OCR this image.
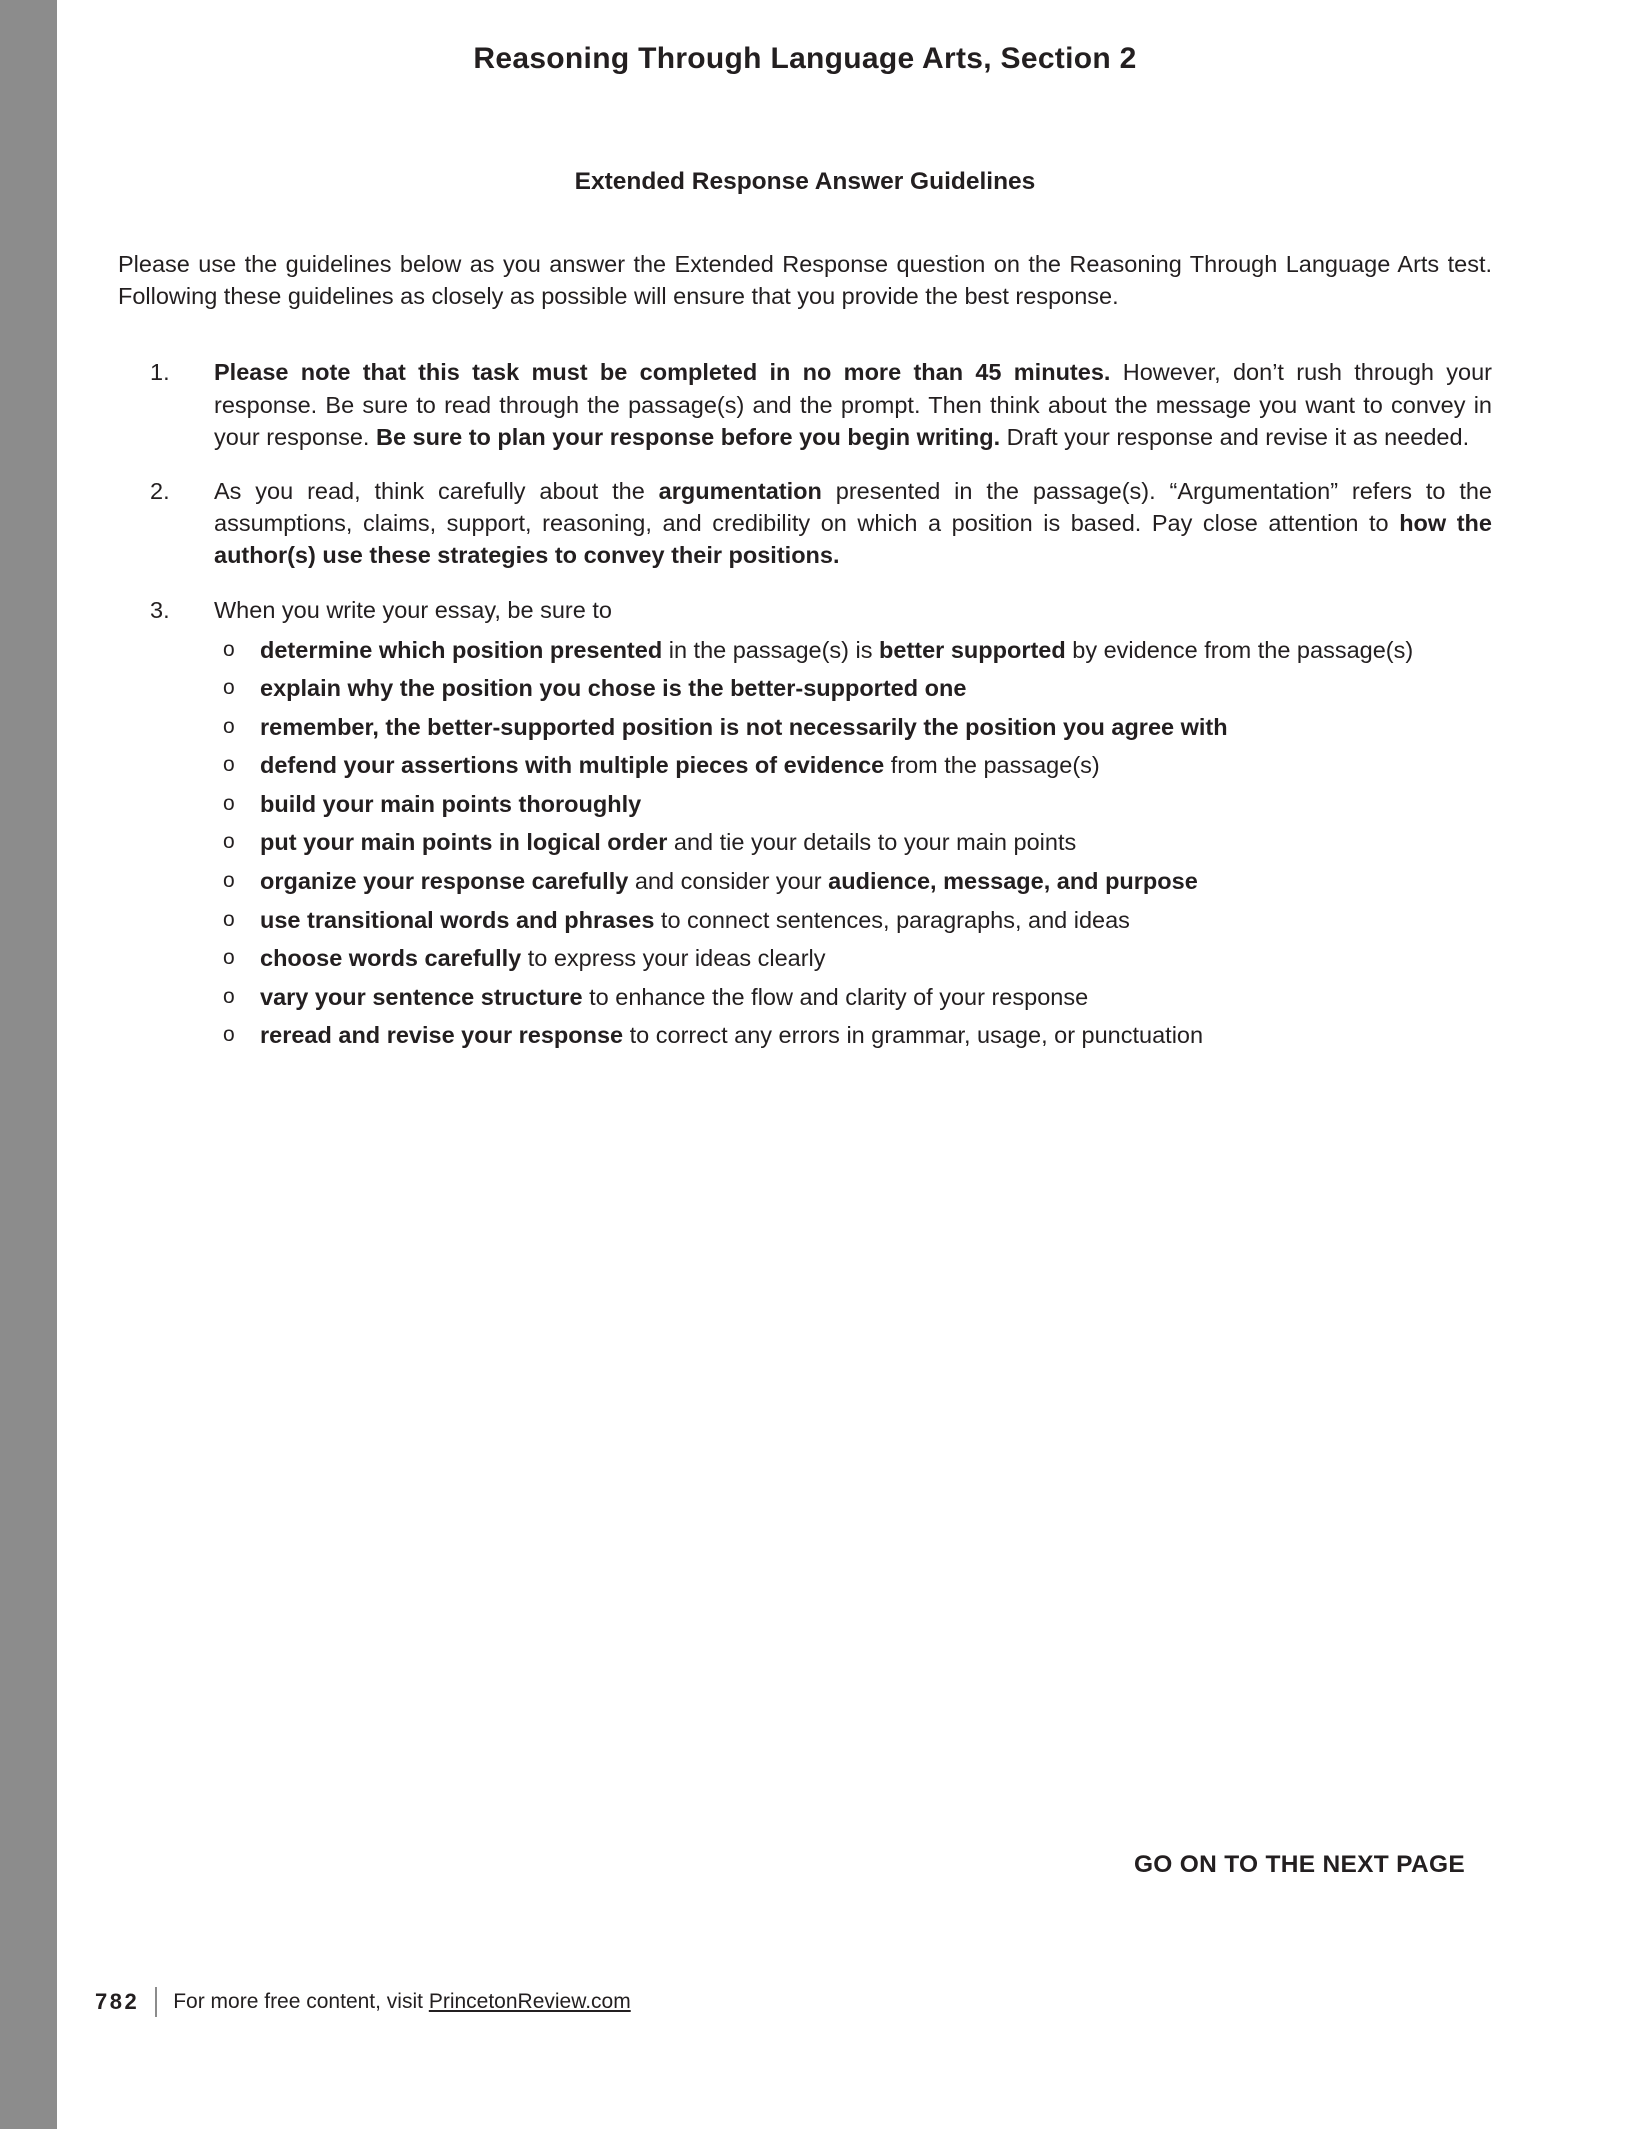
Reasoning Through Language Arts, Section 2
Extended Response Answer Guidelines

Please use the guidelines below as you answer the Extended Response question on the Reasoning Through Language Arts test. Following these guidelines as closely as possible will ensure that you provide the best response.

1.	Please note that this task must be completed in no more than 45 minutes. However, don’t rush through your response. Be sure to read through the passage(s) and the prompt. Then think about the message you want to convey in your response. Be sure to plan your response before you begin writing. Draft your response and revise it as needed.
2.	As you read, think carefully about the argumentation presented in the passage(s). “Argumentation” refers to the assumptions, claims, support, reasoning, and credibility on which a position is based. Pay close attention to how the author(s) use these strategies to convey their positions.
3.	When you write your essay, be sure to
o	determine which position presented in the passage(s) is better supported by evidence from the passage(s)
o	explain why the position you chose is the better-supported one
o	remember, the better-supported position is not necessarily the position you agree with
o	defend your assertions with multiple pieces of evidence from the passage(s)
o	build your main points thoroughly
o	put your main points in logical order and tie your details to your main points
o	organize your response carefully and consider your audience, message, and purpose
o	use transitional words and phrases to connect sentences, paragraphs, and ideas
o	choose words carefully to express your ideas clearly
o	vary your sentence structure to enhance the flow and clarity of your response
o	reread and revise your response to correct any errors in grammar, usage, or punctuation
GO ON TO THE NEXT PAGE
782 For more free content, visit PrincetonReview.com
